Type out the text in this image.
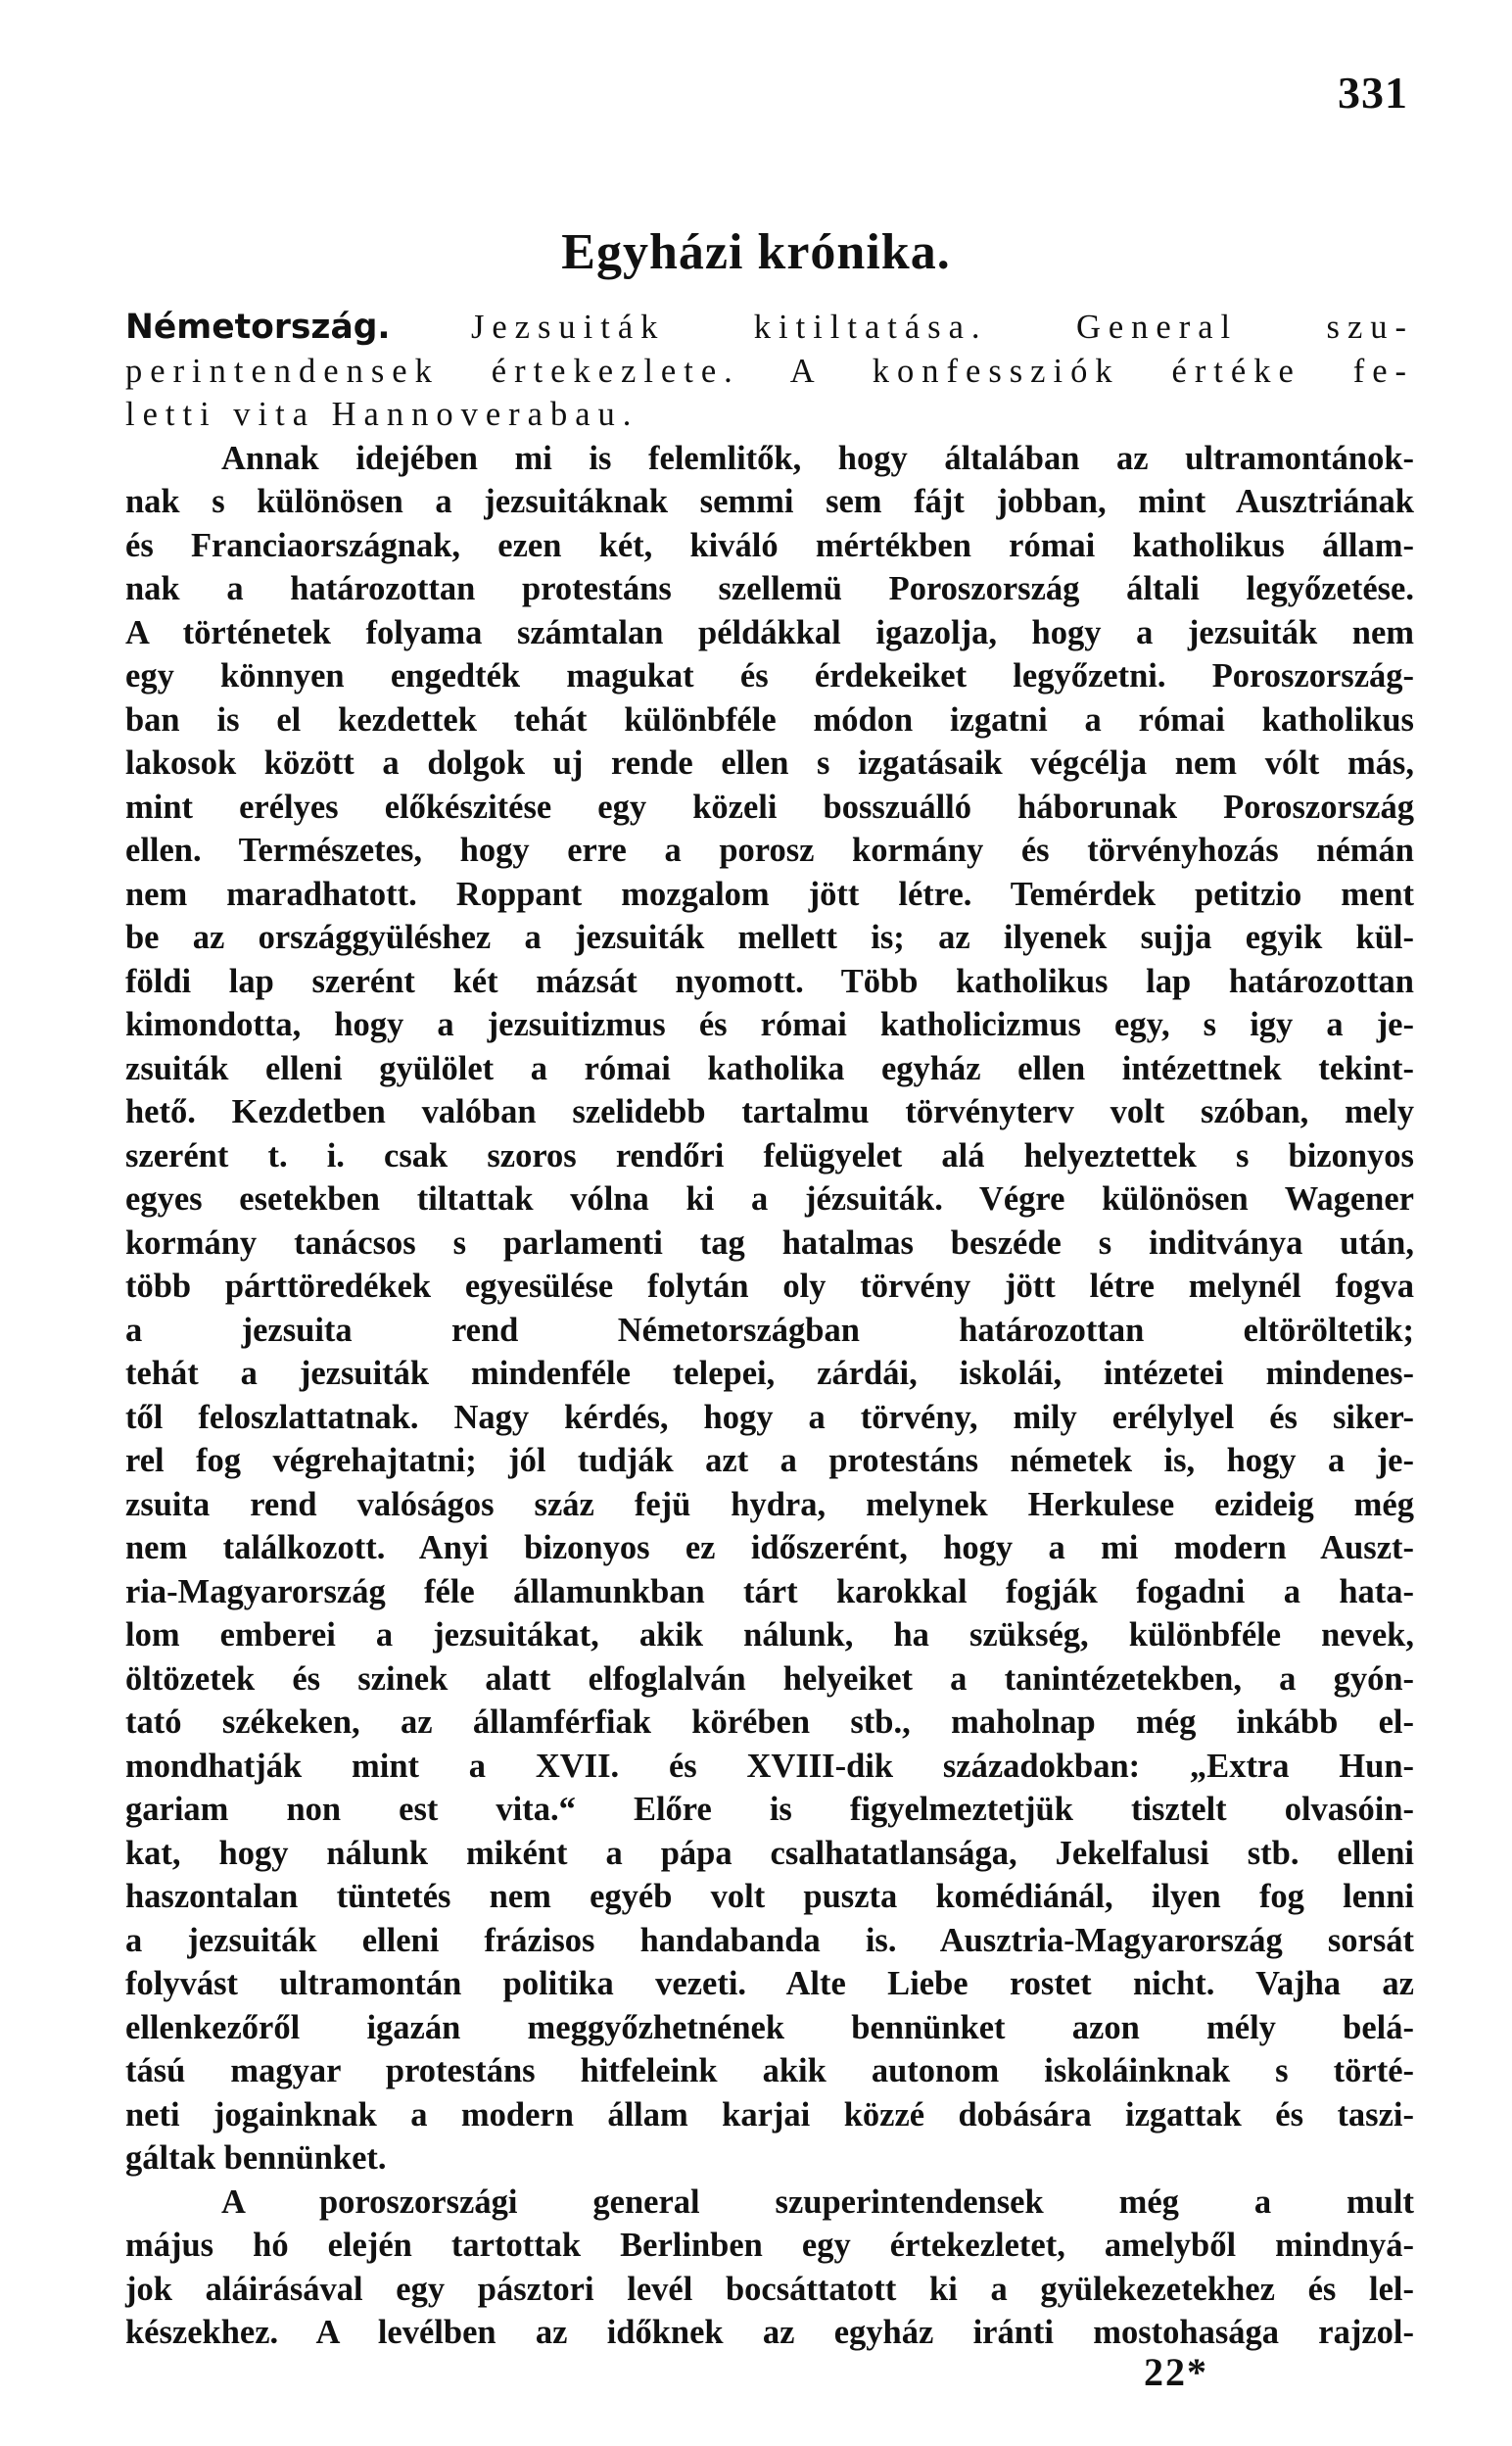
331
Egyházi krónika.
Németország. Jezsuiták kitiltatása. General szu-
perintendensek értekezlete. A konfessziók értéke fe-
letti vita Hannoverabau.
Annak idejében mi is felemlitők, hogy általában az ultramontánok-
nak s különösen a jezsuitáknak semmi sem fájt jobban, mint Ausztriának
és Franciaországnak, ezen két, kiváló mértékben római katholikus állam-
nak a határozottan protestáns szellemü Poroszország általi legyőzetése.
A történetek folyama számtalan példákkal igazolja, hogy a jezsuiták nem
egy könnyen engedték magukat és érdekeiket legyőzetni. Poroszország-
ban is el kezdettek tehát különbféle módon izgatni a római katholikus
lakosok között a dolgok uj rende ellen s izgatásaik végcélja nem vólt más,
mint erélyes előkészitése egy közeli bosszuálló háborunak Poroszország
ellen. Természetes, hogy erre a porosz kormány és törvényhozás némán
nem maradhatott. Roppant mozgalom jött létre. Temérdek petitzio ment
be az országgyüléshez a jezsuiták mellett is; az ilyenek sujja egyik kül-
földi lap szerént két mázsát nyomott. Több katholikus lap határozottan
kimondotta, hogy a jezsuitizmus és római katholicizmus egy, s igy a je-
zsuiták elleni gyülölet a római katholika egyház ellen intézettnek tekint-
hető. Kezdetben valóban szelidebb tartalmu törvényterv volt szóban, mely
szerént t. i. csak szoros rendőri felügyelet alá helyeztettek s bizonyos
egyes esetekben tiltattak vólna ki a jézsuiták. Végre különösen Wagener
kormány tanácsos s parlamenti tag hatalmas beszéde s inditványa után,
több párttöredékek egyesülése folytán oly törvény jött létre melynél fogva
a jezsuita rend Németországban határozottan eltöröltetik;
tehát a jezsuiták mindenféle telepei, zárdái, iskolái, intézetei mindenes-
től feloszlattatnak. Nagy kérdés, hogy a törvény, mily erélylyel és siker-
rel fog végrehajtatni; jól tudják azt a protestáns németek is, hogy a je-
zsuita rend valóságos száz fejü hydra, melynek Herkulese ezideig még
nem találkozott. Anyi bizonyos ez időszerént, hogy a mi modern Auszt-
ria-Magyarország féle államunkban tárt karokkal fogják fogadni a hata-
lom emberei a jezsuitákat, akik nálunk, ha szükség, különbféle nevek,
öltözetek és szinek alatt elfoglalván helyeiket a tanintézetekben, a gyón-
tató székeken, az államférfiak körében stb., maholnap még inkább el-
mondhatják mint a XVII. és XVIII-dik századokban: „Extra Hun-
gariam non est vita.“ Előre is figyelmeztetjük tisztelt olvasóin-
kat, hogy nálunk miként a pápa csalhatatlansága, Jekelfalusi stb. elleni
haszontalan tüntetés nem egyéb volt puszta komédiánál, ilyen fog lenni
a jezsuiták elleni frázisos handabanda is. Ausztria-Magyarország sorsát
folyvást ultramontán politika vezeti. Alte Liebe rostet nicht. Vajha az
ellenkezőről igazán meggyőzhetnének bennünket azon mély belá-
tású magyar protestáns hitfeleink akik autonom iskoláinknak s törté-
neti jogainknak a modern állam karjai közzé dobására izgattak és taszi-
gáltak bennünket.
A poroszországi general szuperintendensek még a mult
május hó elején tartottak Berlinben egy értekezletet, amelyből mindnyá-
jok aláirásával egy pásztori levél bocsáttatott ki a gyülekezetekhez és lel-
készekhez. A levélben az időknek az egyház iránti mostohasága rajzol-
22*
